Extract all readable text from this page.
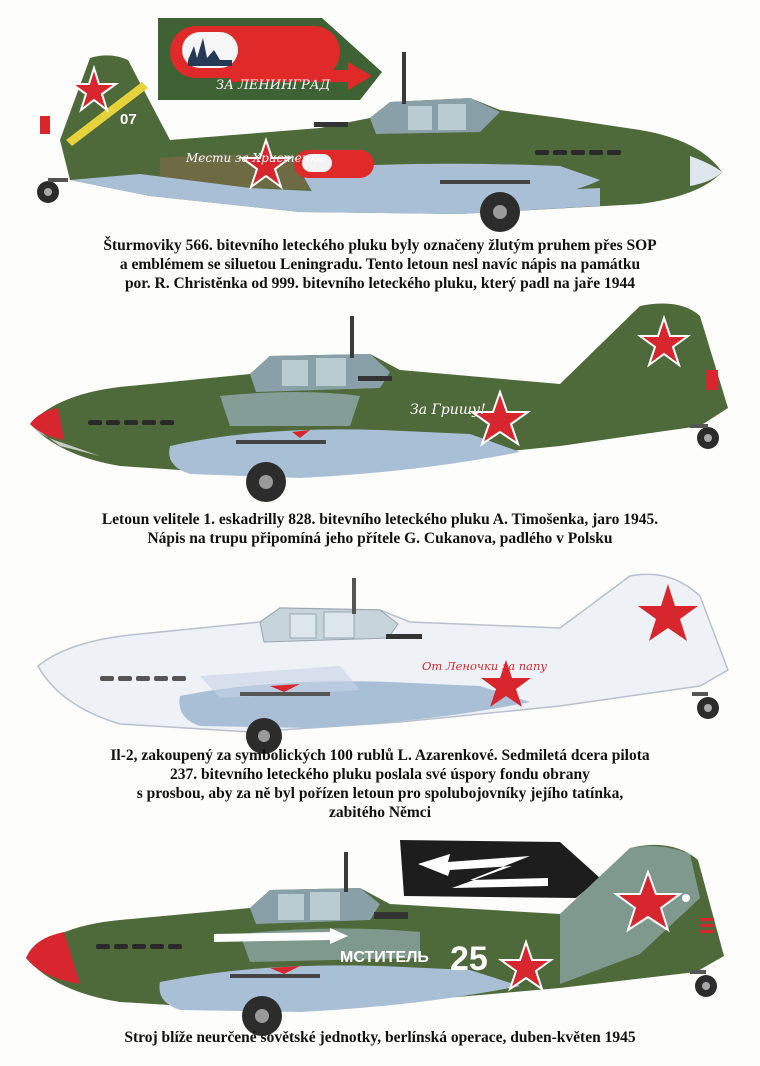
ЗА ЛЕНИНГРАД
07
Мести за Христенко
Šturmoviky 566. bitevního leteckého pluku byly označeny žlutým pruhem přes SOP
a emblémem se siluetou Leningradu. Tento letoun nesl navíc nápis na památku
por. R. Christěnka od 999. bitevního leteckého pluku, který padl na jaře 1944
За Гришу!
Letoun velitele 1. eskadrilly 828. bitevního leteckého pluku A. Timošenka, jaro 1945.
Nápis na trupu připomíná jeho přítele G. Cukanova, padlého v Polsku
От Леночки за папу
Il-2, zakoupený za symbolických 100 rublů L. Azarenkové. Sedmiletá dcera pilota
237. bitevního leteckého pluku poslala své úspory fondu obrany
s prosbou, aby za ně byl pořízen letoun pro spolubojovníky jejího tatínka,
zabitého Němci
МСТИТЕЛЬ 25
Stroj blíže neurčené sovětské jednotky, berlínská operace, duben-květen 1945
